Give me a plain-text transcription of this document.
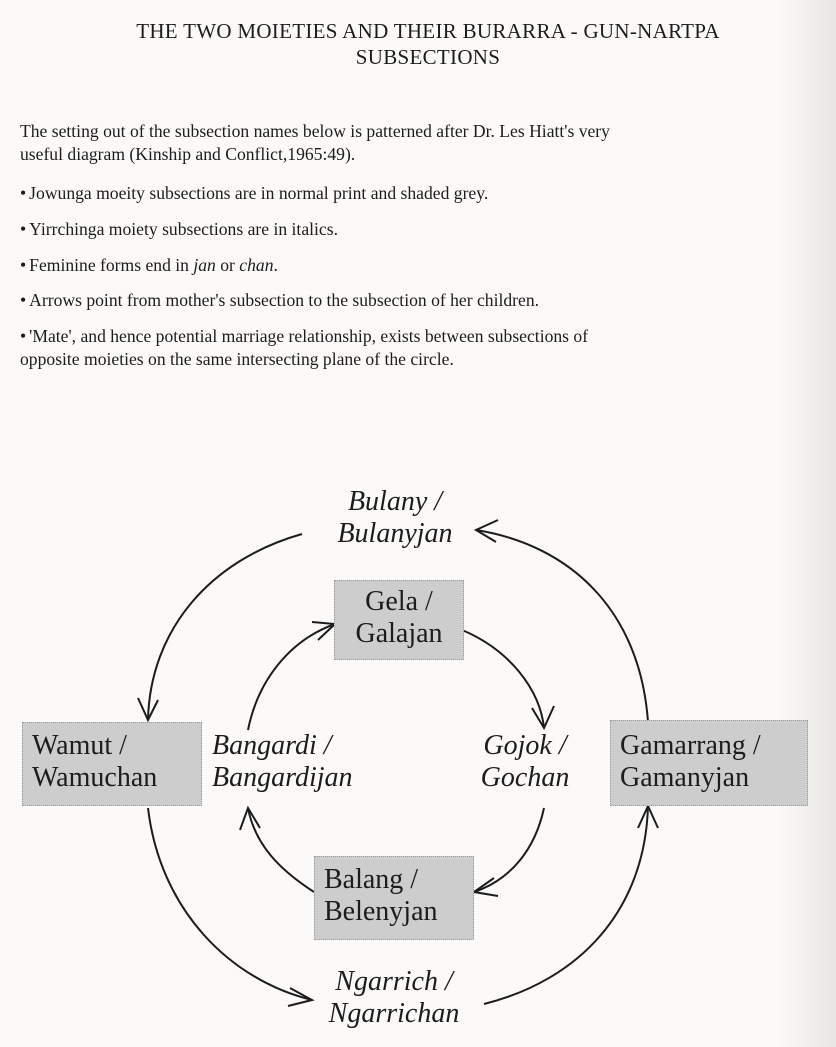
THE TWO MOIETIES AND THEIR BURARRA - GUN-NARTPA
SUBSECTIONS
The setting out of the subsection names below is patterned after Dr. Les Hiatt's very
useful diagram (Kinship and Conflict,1965:49).
• Jowunga moeity subsections are in normal print and shaded grey.
• Yirrchinga moiety subsections are in italics.
• Feminine forms end in jan or chan.
• Arrows point from mother's subsection to the subsection of her children.
• 'Mate', and hence potential marriage relationship, exists between subsections of
opposite moieties on the same intersecting plane of the circle.
Bulany /
Bulanyjan
Gela /
Galajan
Wamut /
Wamuchan
Bangardi /
Bangardijan
Gojok /
Gochan
Gamarrang /
Gamanyjan
Balang /
Belenyjan
Ngarrich /
Ngarrichan
